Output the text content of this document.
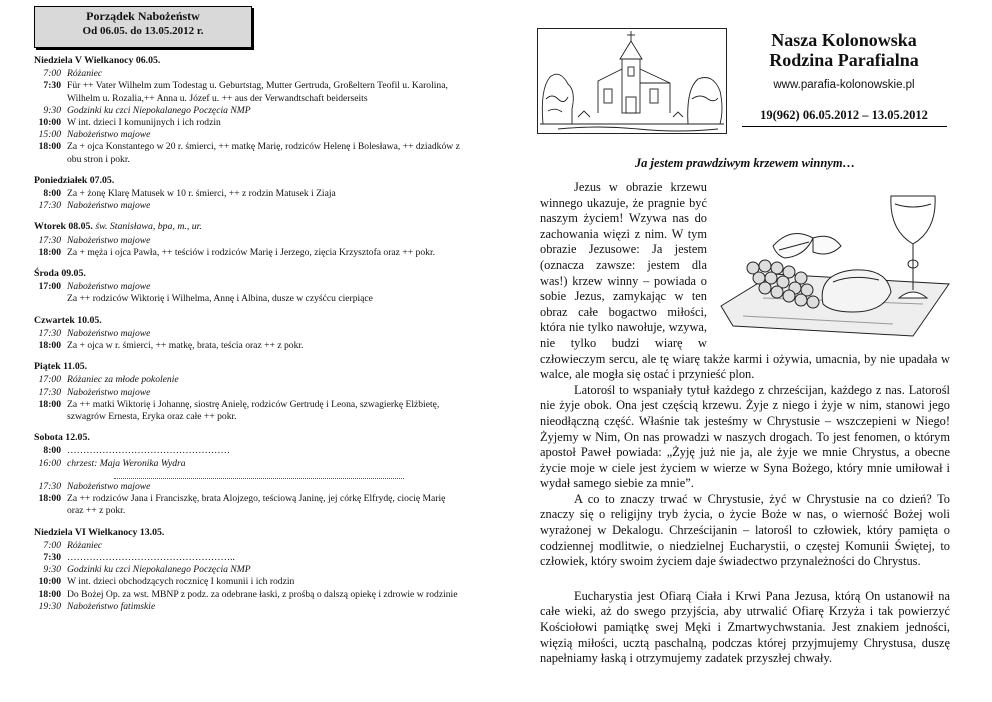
Porządek Nabożeństw
Od 06.05. do 13.05.2012 r.
Niedziela V Wielkanocy 06.05.
7:00 Różaniec
7:30 Für ++ Vater Wilhelm zum Todestag u. Geburtstag, Mutter Gertruda, Großeltern Teofil u. Karolina, Wilhelm u. Rozalia,++ Anna u. Józef u. ++ aus der Verwandtschaft beiderseits
9:30 Godzinki ku czci Niepokalanego Poczęcia NMP
10:00 W int. dzieci I komunijnych i ich rodzin
15:00 Nabożeństwo majowe
18:00 Za + ojca Konstantego w 20 r. śmierci, ++ matkę Marię, rodziców Helenę i Bolesława, ++ dziadków z obu stron i pokr.
Poniedziałek 07.05.
8:00 Za + żonę Klarę Matusek w 10 r. śmierci, ++ z rodzin Matusek i Ziaja
17:30 Nabożeństwo majowe
Wtorek 08.05. św. Stanisława, bpa, m., ur.
17:30 Nabożeństwo majowe
18:00 Za + męża i ojca Pawła, ++ teściów i rodziców Marię i Jerzego, zięcia Krzysztofa oraz ++ pokr.
Środa 09.05.
17:00 Nabożeństwo majowe
Za ++ rodziców Wiktorię i Wilhelma, Annę i Albina, dusze w czyśćcu cierpiące
Czwartek 10.05.
17:30 Nabożeństwo majowe
18:00 Za + ojca w r. śmierci, ++ matkę, brata, teścia oraz ++ z pokr.
Piątek 11.05.
17:00 Różaniec za młode pokolenie
17:30 Nabożeństwo majowe
18:00 Za ++ matki Wiktorię i Johannę, siostrę Anielę, rodziców Gertrudę i Leona, szwagierkę Elżbietę, szwagrów Ernesta, Eryka oraz całe ++ pokr.
Sobota 12.05.
8:00 ……………………………………………
16:00 chrzest: Maja Weronika Wydra
17:30 Nabożeństwo majowe
18:00 Za ++ rodziców Jana i Franciszkę, brata Alojzego, teściową Janinę, jej córkę Elfrydę, ciocię Marię oraz ++ z pokr.
Niedziela VI Wielkanocy 13.05.
7:00 Różaniec
7:30 ……………………………………………..
9:30 Godzinki ku czci Niepokalanego Poczęcia NMP
10:00 W int. dzieci obchodzących rocznicę I komunii i ich rodzin
18:00 Do Bożej Op. za wst. MBNP z podz. za odebrane łaski, z prośbą o dalszą opiekę i zdrowie w rodzinie
19:30 Nabożeństwo fatimskie
Nasza Kolonowska
Rodzina Parafialna
www.parafia-kolonowskie.pl
19(962) 06.05.2012 – 13.05.2012
Ja jestem prawdziwym krzewem winnym…

Jezus w obrazie krzewu winnego ukazuje, że pragnie być naszym życiem! Wzywa nas do zachowania więzi z nim. W tym obrazie Jezusowe: Ja jestem (oznacza zawsze: jestem dla was!) krzew winny – powiada o sobie Jezus, zamykając w ten obraz całe bogactwo miłości, która nie tylko nawołuje, wzywa, nie tylko budzi wiarę w człowieczym sercu, ale tę wiarę także karmi i ożywia, umacnia, by nie upadała w walce, ale mogła się ostać i przynieść plon.

Latorośl to wspaniały tytuł każdego z chrześcijan, każdego z nas. Latorośl nie żyje obok. Ona jest częścią krzewu. Żyje z niego i żyje w nim, stanowi jego nieodłączną część. Właśnie tak jesteśmy w Chrystusie – wszczepieni w Niego! Żyjemy w Nim, On nas prowadzi w naszych drogach. To jest fenomen, o którym apostoł Paweł powiada: „Żyję już nie ja, ale żyje we mnie Chrystus, a obecne życie moje w ciele jest życiem w wierze w Syna Bożego, który mnie umiłował i wydał samego siebie za mnie”.

A co to znaczy trwać w Chrystusie, żyć w Chrystusie na co dzień? To znaczy się o religijny tryb życia, o życie Boże w nas, o wierność Bożej woli wyrażonej w Dekalogu. Chrześcijanin – latorośl to człowiek, który pamięta o codziennej modlitwie, o niedzielnej Eucharystii, o częstej Komunii Świętej, to człowiek, który swoim życiem daje świadectwo przynależności do Chrystus.

Eucharystia jest Ofiarą Ciała i Krwi Pana Jezusa, którą On ustanowił na całe wieki, aż do swego przyjścia, aby utrwalić Ofiarę Krzyża i tak powierzyć Kościołowi pamiątkę swej Męki i Zmartwychwstania. Jest znakiem jedności, więzią miłości, ucztą paschalną, podczas której przyjmujemy Chrystusa, duszę napełniamy łaską i otrzymujemy zadatek przyszłej chwały.
